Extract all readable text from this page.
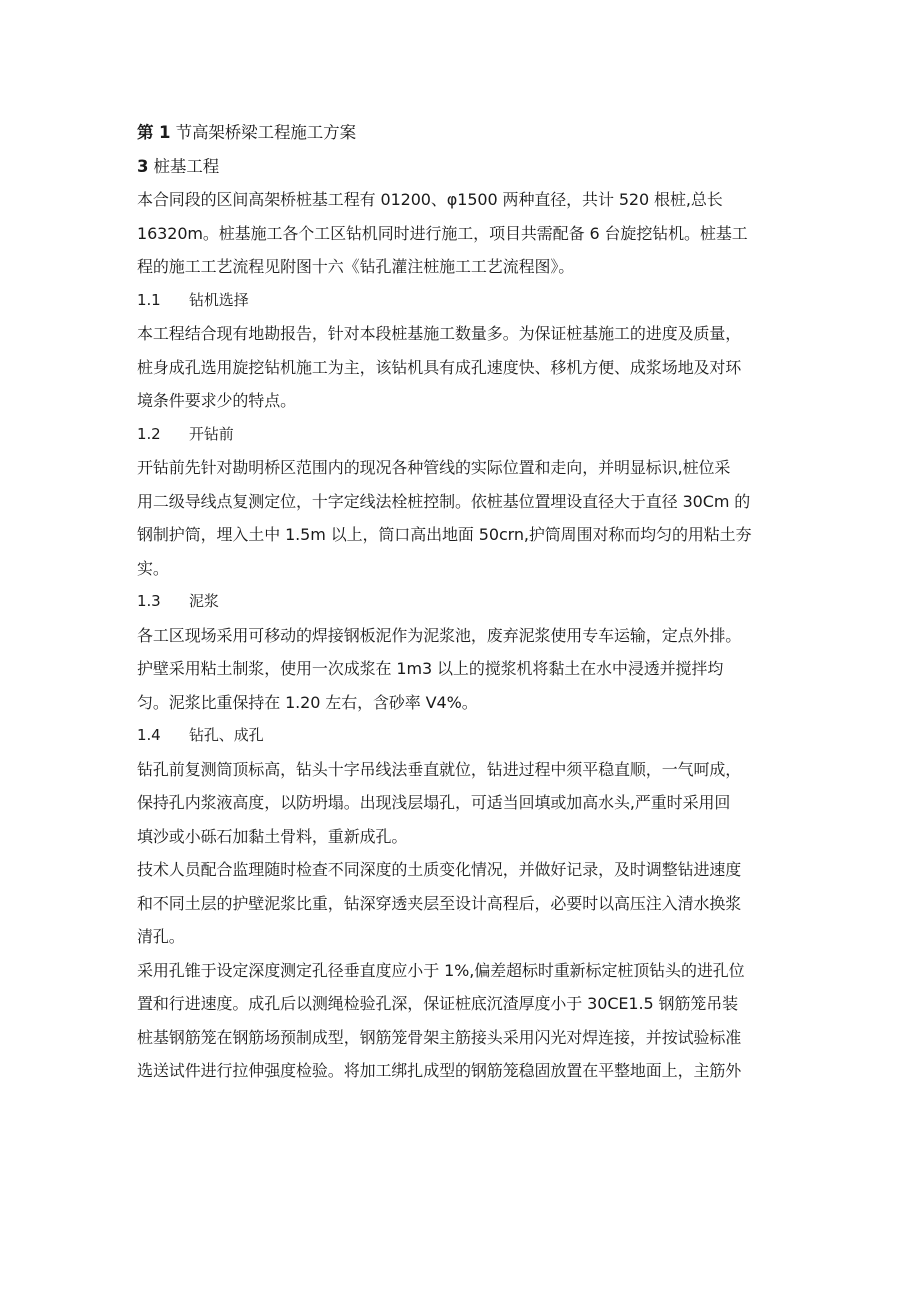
第 1 节高架桥梁工程施工方案
3 桩基工程
本合同段的区间高架桥桩基工程有 01200、φ1500 两种直径，共计 520 根桩,总长
16320m。桩基施工各个工区钻机同时进行施工，项目共需配备 6 台旋挖钻机。桩基工
程的施工工艺流程见附图十六《钻孔灌注桩施工工艺流程图》。
1.1 钻机选择
本工程结合现有地勘报告，针对本段桩基施工数量多。为保证桩基施工的进度及质量，
桩身成孔选用旋挖钻机施工为主，该钻机具有成孔速度快、移机方便、成浆场地及对环
境条件要求少的特点。
1.2 开钻前
开钻前先针对勘明桥区范围内的现况各种管线的实际位置和走向，并明显标识,桩位采
用二级导线点复测定位，十字定线法栓桩控制。依桩基位置埋设直径大于直径 30Cm 的
钢制护筒，埋入土中 1.5m 以上，筒口高出地面 50crn,护筒周围对称而均匀的用粘土夯
实。
1.3 泥浆
各工区现场采用可移动的焊接钢板泥作为泥浆池，废弃泥浆使用专车运输，定点外排。
护壁采用粘土制浆，使用一次成浆在 1m3 以上的搅浆机将黏土在水中浸透并搅拌均
匀。泥浆比重保持在 1.20 左右，含砂率 V4%。
1.4 钻孔、成孔
钻孔前复测筒顶标高，钻头十字吊线法垂直就位，钻进过程中须平稳直顺，一气呵成，
保持孔内浆液高度，以防坍塌。出现浅层塌孔，可适当回填或加高水头,严重时采用回
填沙或小砾石加黏土骨料，重新成孔。
技术人员配合监理随时检查不同深度的土质变化情况，并做好记录，及时调整钻进速度
和不同土层的护壁泥浆比重，钻深穿透夹层至设计高程后，必要时以高压注入清水换浆
清孔。
采用孔锥于设定深度测定孔径垂直度应小于 1%,偏差超标时重新标定桩顶钻头的进孔位
置和行进速度。成孔后以测绳检验孔深，保证桩底沉渣厚度小于 30CE1.5 钢筋笼吊装
桩基钢筋笼在钢筋场预制成型，钢筋笼骨架主筋接头采用闪光对焊连接，并按试验标准
选送试件进行拉伸强度检验。将加工绑扎成型的钢筋笼稳固放置在平整地面上，主筋外
